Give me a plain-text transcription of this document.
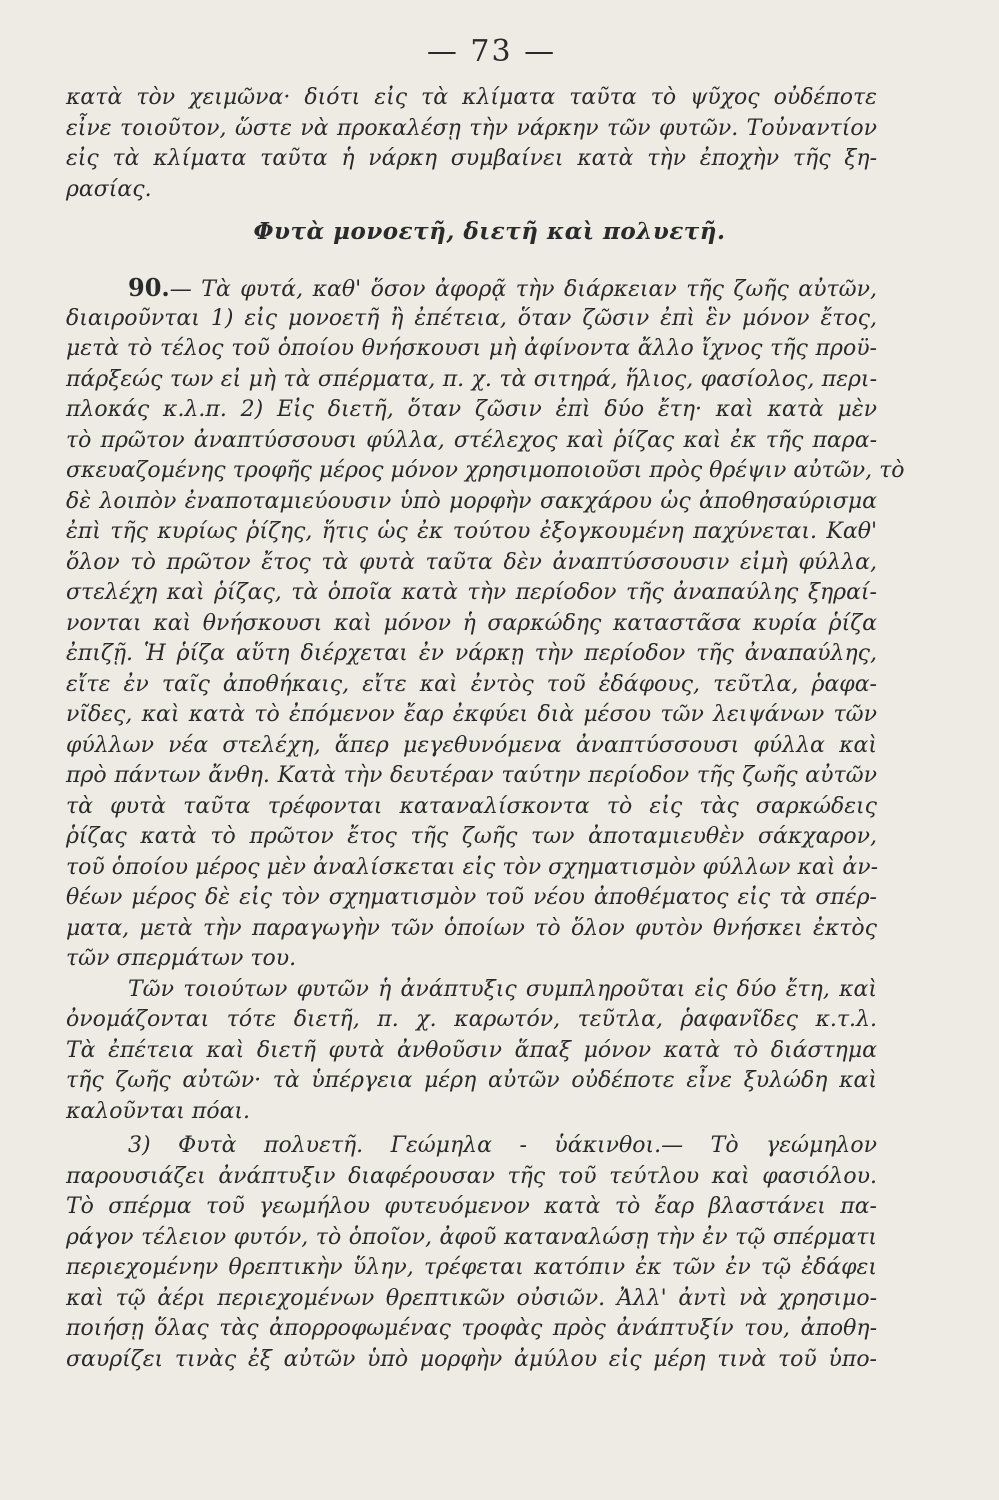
— 73 —
κατὰ τὸν χειμῶνα· διότι εἰς τὰ κλίματα ταῦτα τὸ ψῦχος οὐδέποτε
εἶνε τοιοῦτον, ὥστε νὰ προκαλέσῃ τὴν νάρκην τῶν φυτῶν. Τοὐναντίον
εἰς τὰ κλίματα ταῦτα ἡ νάρκη συμβαίνει κατὰ τὴν ἐποχὴν τῆς ξη-
ρασίας.
Φυτὰ μονοετῆ, διετῆ καὶ πολυετῆ.
90.— Τὰ φυτά, καθ' ὅσον ἀφορᾷ τὴν διάρκειαν τῆς ζωῆς αὐτῶν,
διαιροῦνται 1) εἰς μονοετῆ ἢ ἐπέτεια, ὅταν ζῶσιν ἐπὶ ἓν μόνον ἔτος,
μετὰ τὸ τέλος τοῦ ὁποίου θνήσκουσι μὴ ἀφίνοντα ἄλλο ἴχνος τῆς προϋ-
πάρξεώς των εἰ μὴ τὰ σπέρματα, π. χ. τὰ σιτηρά, ἥλιος, φασίολος, περι-
πλοκάς κ.λ.π. 2) Εἰς διετῆ, ὅταν ζῶσιν ἐπὶ δύο ἔτη· καὶ κατὰ μὲν
τὸ πρῶτον ἀναπτύσσουσι φύλλα, στέλεχος καὶ ῥίζας καὶ ἐκ τῆς παρα-
σκευαζομένης τροφῆς μέρος μόνον χρησιμοποιοῦσι πρὸς θρέψιν αὐτῶν, τὸ
δὲ λοιπὸν ἐναποταμιεύουσιν ὑπὸ μορφὴν σακχάρου ὡς ἀποθησαύρισμα
ἐπὶ τῆς κυρίως ῥίζης, ἥτις ὡς ἐκ τούτου ἐξογκουμένη παχύνεται. Καθ'
ὅλον τὸ πρῶτον ἔτος τὰ φυτὰ ταῦτα δὲν ἀναπτύσσουσιν εἰμὴ φύλλα,
στελέχη καὶ ῥίζας, τὰ ὁποῖα κατὰ τὴν περίοδον τῆς ἀναπαύλης ξηραί-
νονται καὶ θνήσκουσι καὶ μόνον ἡ σαρκώδης καταστᾶσα κυρία ῥίζα
ἐπιζῇ. Ἡ ῥίζα αὕτη διέρχεται ἐν νάρκῃ τὴν περίοδον τῆς ἀναπαύλης,
εἴτε ἐν ταῖς ἀποθήκαις, εἴτε καὶ ἐντὸς τοῦ ἐδάφους, τεῦτλα, ῥαφα-
νῖδες, καὶ κατὰ τὸ ἐπόμενον ἔαρ ἐκφύει διὰ μέσου τῶν λειψάνων τῶν
φύλλων νέα στελέχη, ἅπερ μεγεθυνόμενα ἀναπτύσσουσι φύλλα καὶ
πρὸ πάντων ἄνθη. Κατὰ τὴν δευτέραν ταύτην περίοδον τῆς ζωῆς αὐτῶν
τὰ φυτὰ ταῦτα τρέφονται καταναλίσκοντα τὸ εἰς τὰς σαρκώδεις
ῥίζας κατὰ τὸ πρῶτον ἔτος τῆς ζωῆς των ἀποταμιευθὲν σάκχαρον,
τοῦ ὁποίου μέρος μὲν ἀναλίσκεται εἰς τὸν σχηματισμὸν φύλλων καὶ ἀν-
θέων μέρος δὲ εἰς τὸν σχηματισμὸν τοῦ νέου ἀποθέματος εἰς τὰ σπέρ-
ματα, μετὰ τὴν παραγωγὴν τῶν ὁποίων τὸ ὅλον φυτὸν θνήσκει ἐκτὸς
τῶν σπερμάτων του.
Τῶν τοιούτων φυτῶν ἡ ἀνάπτυξις συμπληροῦται εἰς δύο ἔτη, καὶ
ὀνομάζονται τότε διετῆ, π. χ. καρωτόν, τεῦτλα, ῥαφανῖδες κ.τ.λ.
Τὰ ἐπέτεια καὶ διετῆ φυτὰ ἀνθοῦσιν ἅπαξ μόνον κατὰ τὸ διάστημα
τῆς ζωῆς αὐτῶν· τὰ ὑπέργεια μέρη αὐτῶν οὐδέποτε εἶνε ξυλώδη καὶ
καλοῦνται πόαι.
3) Φυτὰ πολυετῆ. Γεώμηλα - ὑάκινθοι.— Τὸ γεώμηλον
παρουσιάζει ἀνάπτυξιν διαφέρουσαν τῆς τοῦ τεύτλου καὶ φασιόλου.
Τὸ σπέρμα τοῦ γεωμήλου φυτευόμενον κατὰ τὸ ἔαρ βλαστάνει πα-
ράγον τέλειον φυτόν, τὸ ὁποῖον, ἀφοῦ καταναλώσῃ τὴν ἐν τῷ σπέρματι
περιεχομένην θρεπτικὴν ὕλην, τρέφεται κατόπιν ἐκ τῶν ἐν τῷ ἐδάφει
καὶ τῷ ἀέρι περιεχομένων θρεπτικῶν οὐσιῶν. Ἀλλ' ἀντὶ νὰ χρησιμο-
ποιήσῃ ὅλας τὰς ἀπορροφωμένας τροφὰς πρὸς ἀνάπτυξίν του, ἀποθη-
σαυρίζει τινὰς ἐξ αὐτῶν ὑπὸ μορφὴν ἀμύλου εἰς μέρη τινὰ τοῦ ὑπο-
